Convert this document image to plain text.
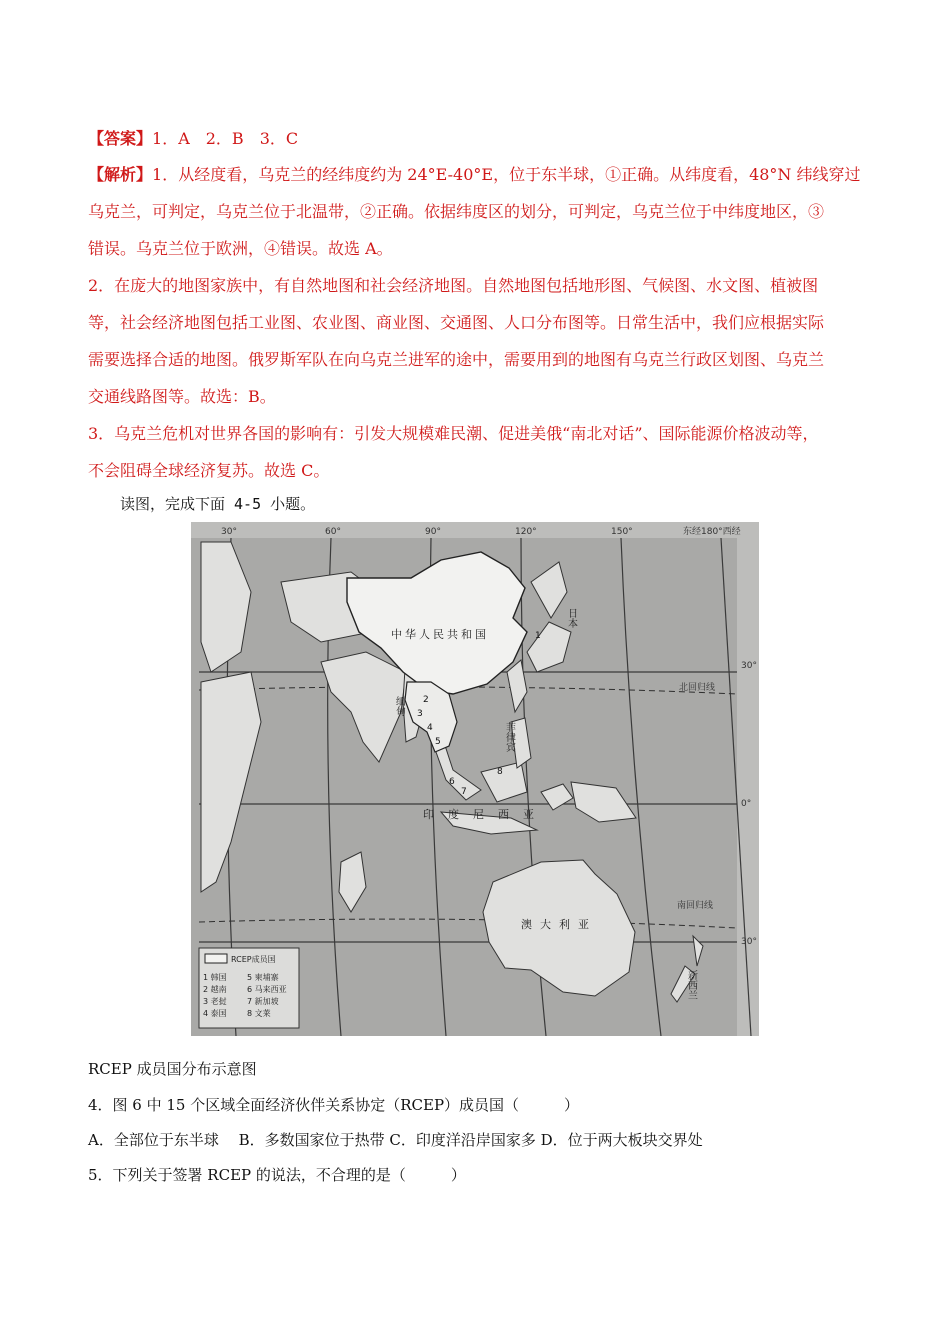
【答案】1．A　2．B　3．C
【解析】1．从经度看，乌克兰的经纬度约为 24°E-40°E，位于东半球，①正确。从纬度看，48°N 纬线穿过
乌克兰，可判定，乌克兰位于北温带，②正确。依据纬度区的划分，可判定，乌克兰位于中纬度地区，③
错误。乌克兰位于欧洲，④错误。故选 A。
2．在庞大的地图家族中，有自然地图和社会经济地图。自然地图包括地形图、气候图、水文图、植被图
等，社会经济地图包括工业图、农业图、商业图、交通图、人口分布图等。日常生活中，我们应根据实际
需要选择合适的地图。俄罗斯军队在向乌克兰进军的途中，需要用到的地图有乌克兰行政区划图、乌克兰
交通线路图等。故选：B。
3．乌克兰危机对世界各国的影响有：引发大规模难民潮、促进美俄“南北对话”、国际能源价格波动等，
不会阻碍全球经济复苏。故选 C。
读图，完成下面 4-5 小题。
30°	60°	90°	120°	150°	东经180°西经
30°
0°
30°
北回归线
南回归线
中华人民共和国
印度尼西亚
澳大利亚
日本
缅甸
菲律宾
新西兰
1
2
3
4
5
6
7
8
RCEP成员国
1 韩国
2 越南
3 老挝
4 泰国
5 柬埔寨
6 马来西亚
7 新加坡
8 文莱
RCEP 成员国分布示意图
4．图 6 中 15 个区域全面经济伙伴关系协定（RCEP）成员国（　　　）
A．全部位于东半球　 B．多数国家位于热带 C．印度洋沿岸国家多 D．位于两大板块交界处
5．下列关于签署 RCEP 的说法，不合理的是（　　　）
